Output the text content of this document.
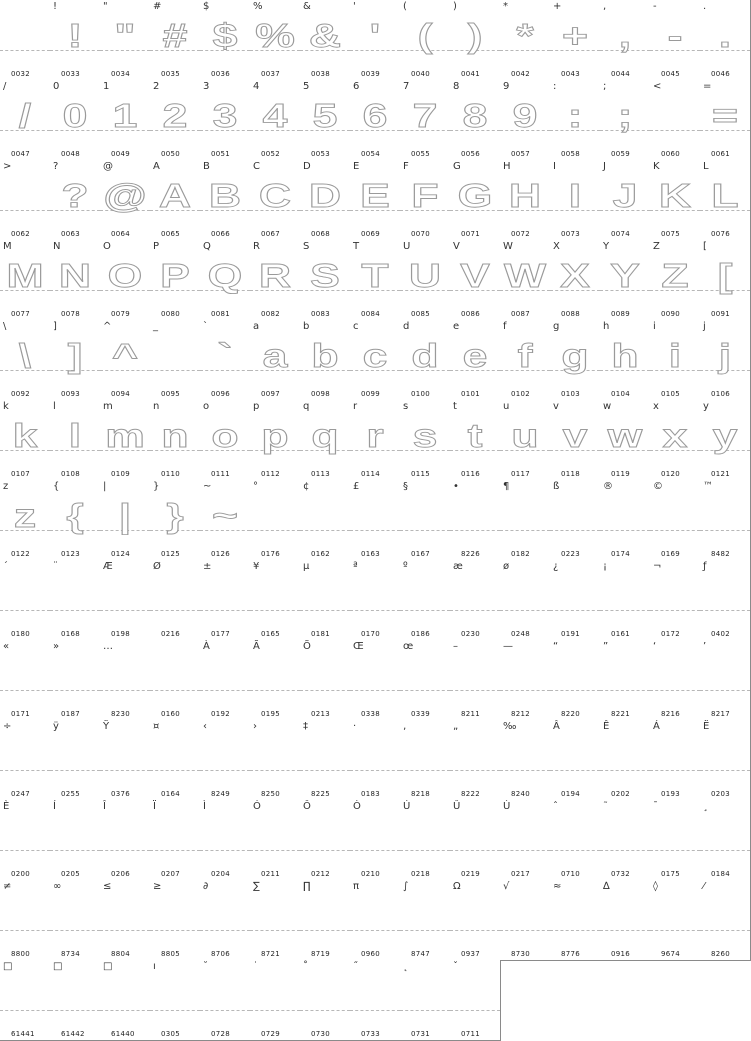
0032
!
!
0033
"
"
0034
#
#
0035
$
$
0036
%
%
0037
&
&
0038
'
'
0039
(
(
0040
)
)
0041
*
*
0042
+
+
0043
,
,
0044
-
-
0045
.
.
0046
/
/
0047
0
0
0048
1
1
0049
2
2
0050
3
3
0051
4
4
0052
5
5
0053
6
6
0054
7
7
0055
8
8
0056
9
9
0057
:
:
0058
;
;
0059
<
0060
=
=
0061
>
0062
?
?
0063
@
@
0064
A
A
0065
B
B
0066
C
C
0067
D
D
0068
E
E
0069
F
F
0070
G
G
0071
H
H
0072
I
I
0073
J
J
0074
K
K
0075
L
L
0076
M
M
0077
N
N
0078
O
O
0079
P
P
0080
Q
Q
0081
R
R
0082
S
S
0083
T
T
0084
U
U
0085
V
V
0086
W
W
0087
X
X
0088
Y
Y
0089
Z
Z
0090
[
[
0091
\
\
0092
]
]
0093
^
^
0094
_
0095
`
`
0096
a
a
0097
b
b
0098
c
c
0099
d
d
0100
e
e
0101
f
f
0102
g
g
0103
h
h
0104
i
i
0105
j
j
0106
k
k
0107
l
l
0108
m
m
0109
n
n
0110
o
o
0111
p
p
0112
q
q
0113
r
r
0114
s
s
0115
t
t
0116
u
u
0117
v
v
0118
w
w
0119
x
x
0120
y
y
0121
z
z
0122
{
{
0123
|
|
0124
}
}
0125
~
~
0126
°
0176
¢
0162
£
0163
§
0167
•
8226
¶
0182
ß
0223
®
0174
©
0169
™
8482
´
0180
¨
0168
Æ
0198
Ø
0216
±
0177
¥
0165
µ
0181
ª
0170
º
0186
æ
0230
ø
0248
¿
0191
¡
0161
¬
0172
ƒ
0402
«
0171
»
0187
…
8230	0160
À
0192
Ã
0195
Õ
0213
Œ
0338
œ
0339
–
8211
—
8212
“
8220
”
8221
‘
8216
’
8217
÷
0247
ÿ
0255
Ÿ
0376
¤
0164
‹
8249
›
8250
‡
8225
·
0183
‚
8218
„
8222
‰
8240
Â
0194
Ê
0202
Á
0193
Ë
0203
È
0200
Í
0205
Î
0206
Ï
0207
Ì
0204
Ó
0211
Ô
0212
Ò
0210
Ú
0218
Û
0219
Ù
0217
ˆ
0710
˜
0732
¯
0175
¸
0184
≠
8800
∞
8734
≤
8804
≥
8805
∂
8706
∑
8721
∏
8719
π
0960
∫
8747
Ω
0937
√
8730
≈
8776
∆
0916
◊
9674
⁄
8260
□
61441
□
61442
□
61440
ı
0305
˘
0728
˙
0729
˚
0730
˝
0733
˛
0731
ˇ
0711
